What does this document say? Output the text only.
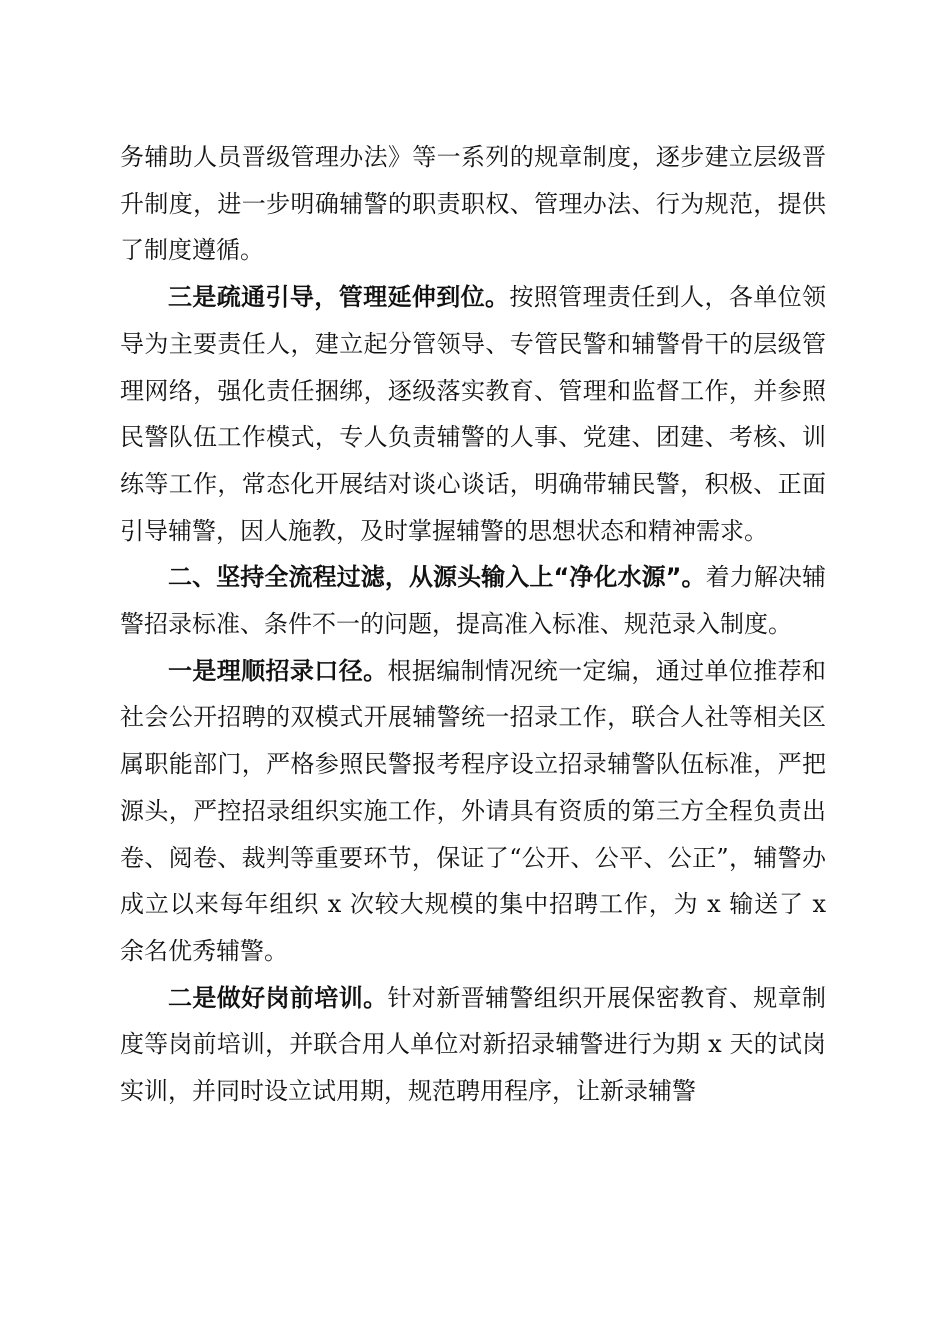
务辅助人员晋级管理办法》等一系列的规章制度，逐步建立层级晋升制度，进一步明确辅警的职责职权、管理办法、行为规范，提供了制度遵循。

三是疏通引导，管理延伸到位。按照管理责任到人，各单位领导为主要责任人，建立起分管领导、专管民警和辅警骨干的层级管理网络，强化责任捆绑，逐级落实教育、管理和监督工作，并参照民警队伍工作模式，专人负责辅警的人事、党建、团建、考核、训练等工作，常态化开展结对谈心谈话，明确带辅民警，积极、正面引导辅警，因人施教，及时掌握辅警的思想状态和精神需求。

二、坚持全流程过滤，从源头输入上“净化水源”。着力解决辅警招录标准、条件不一的问题，提高准入标准、规范录入制度。

一是理顺招录口径。根据编制情况统一定编，通过单位推荐和社会公开招聘的双模式开展辅警统一招录工作，联合人社等相关区属职能部门，严格参照民警报考程序设立招录辅警队伍标准，严把源头，严控招录组织实施工作，外请具有资质的第三方全程负责出卷、阅卷、裁判等重要环节，保证了“公开、公平、公正”，辅警办成立以来每年组织 x 次较大规模的集中招聘工作，为 x 输送了 x 余名优秀辅警。

二是做好岗前培训。针对新晋辅警组织开展保密教育、规章制度等岗前培训，并联合用人单位对新招录辅警进行为期 x 天的试岗实训，并同时设立试用期，规范聘用程序，让新录辅警
